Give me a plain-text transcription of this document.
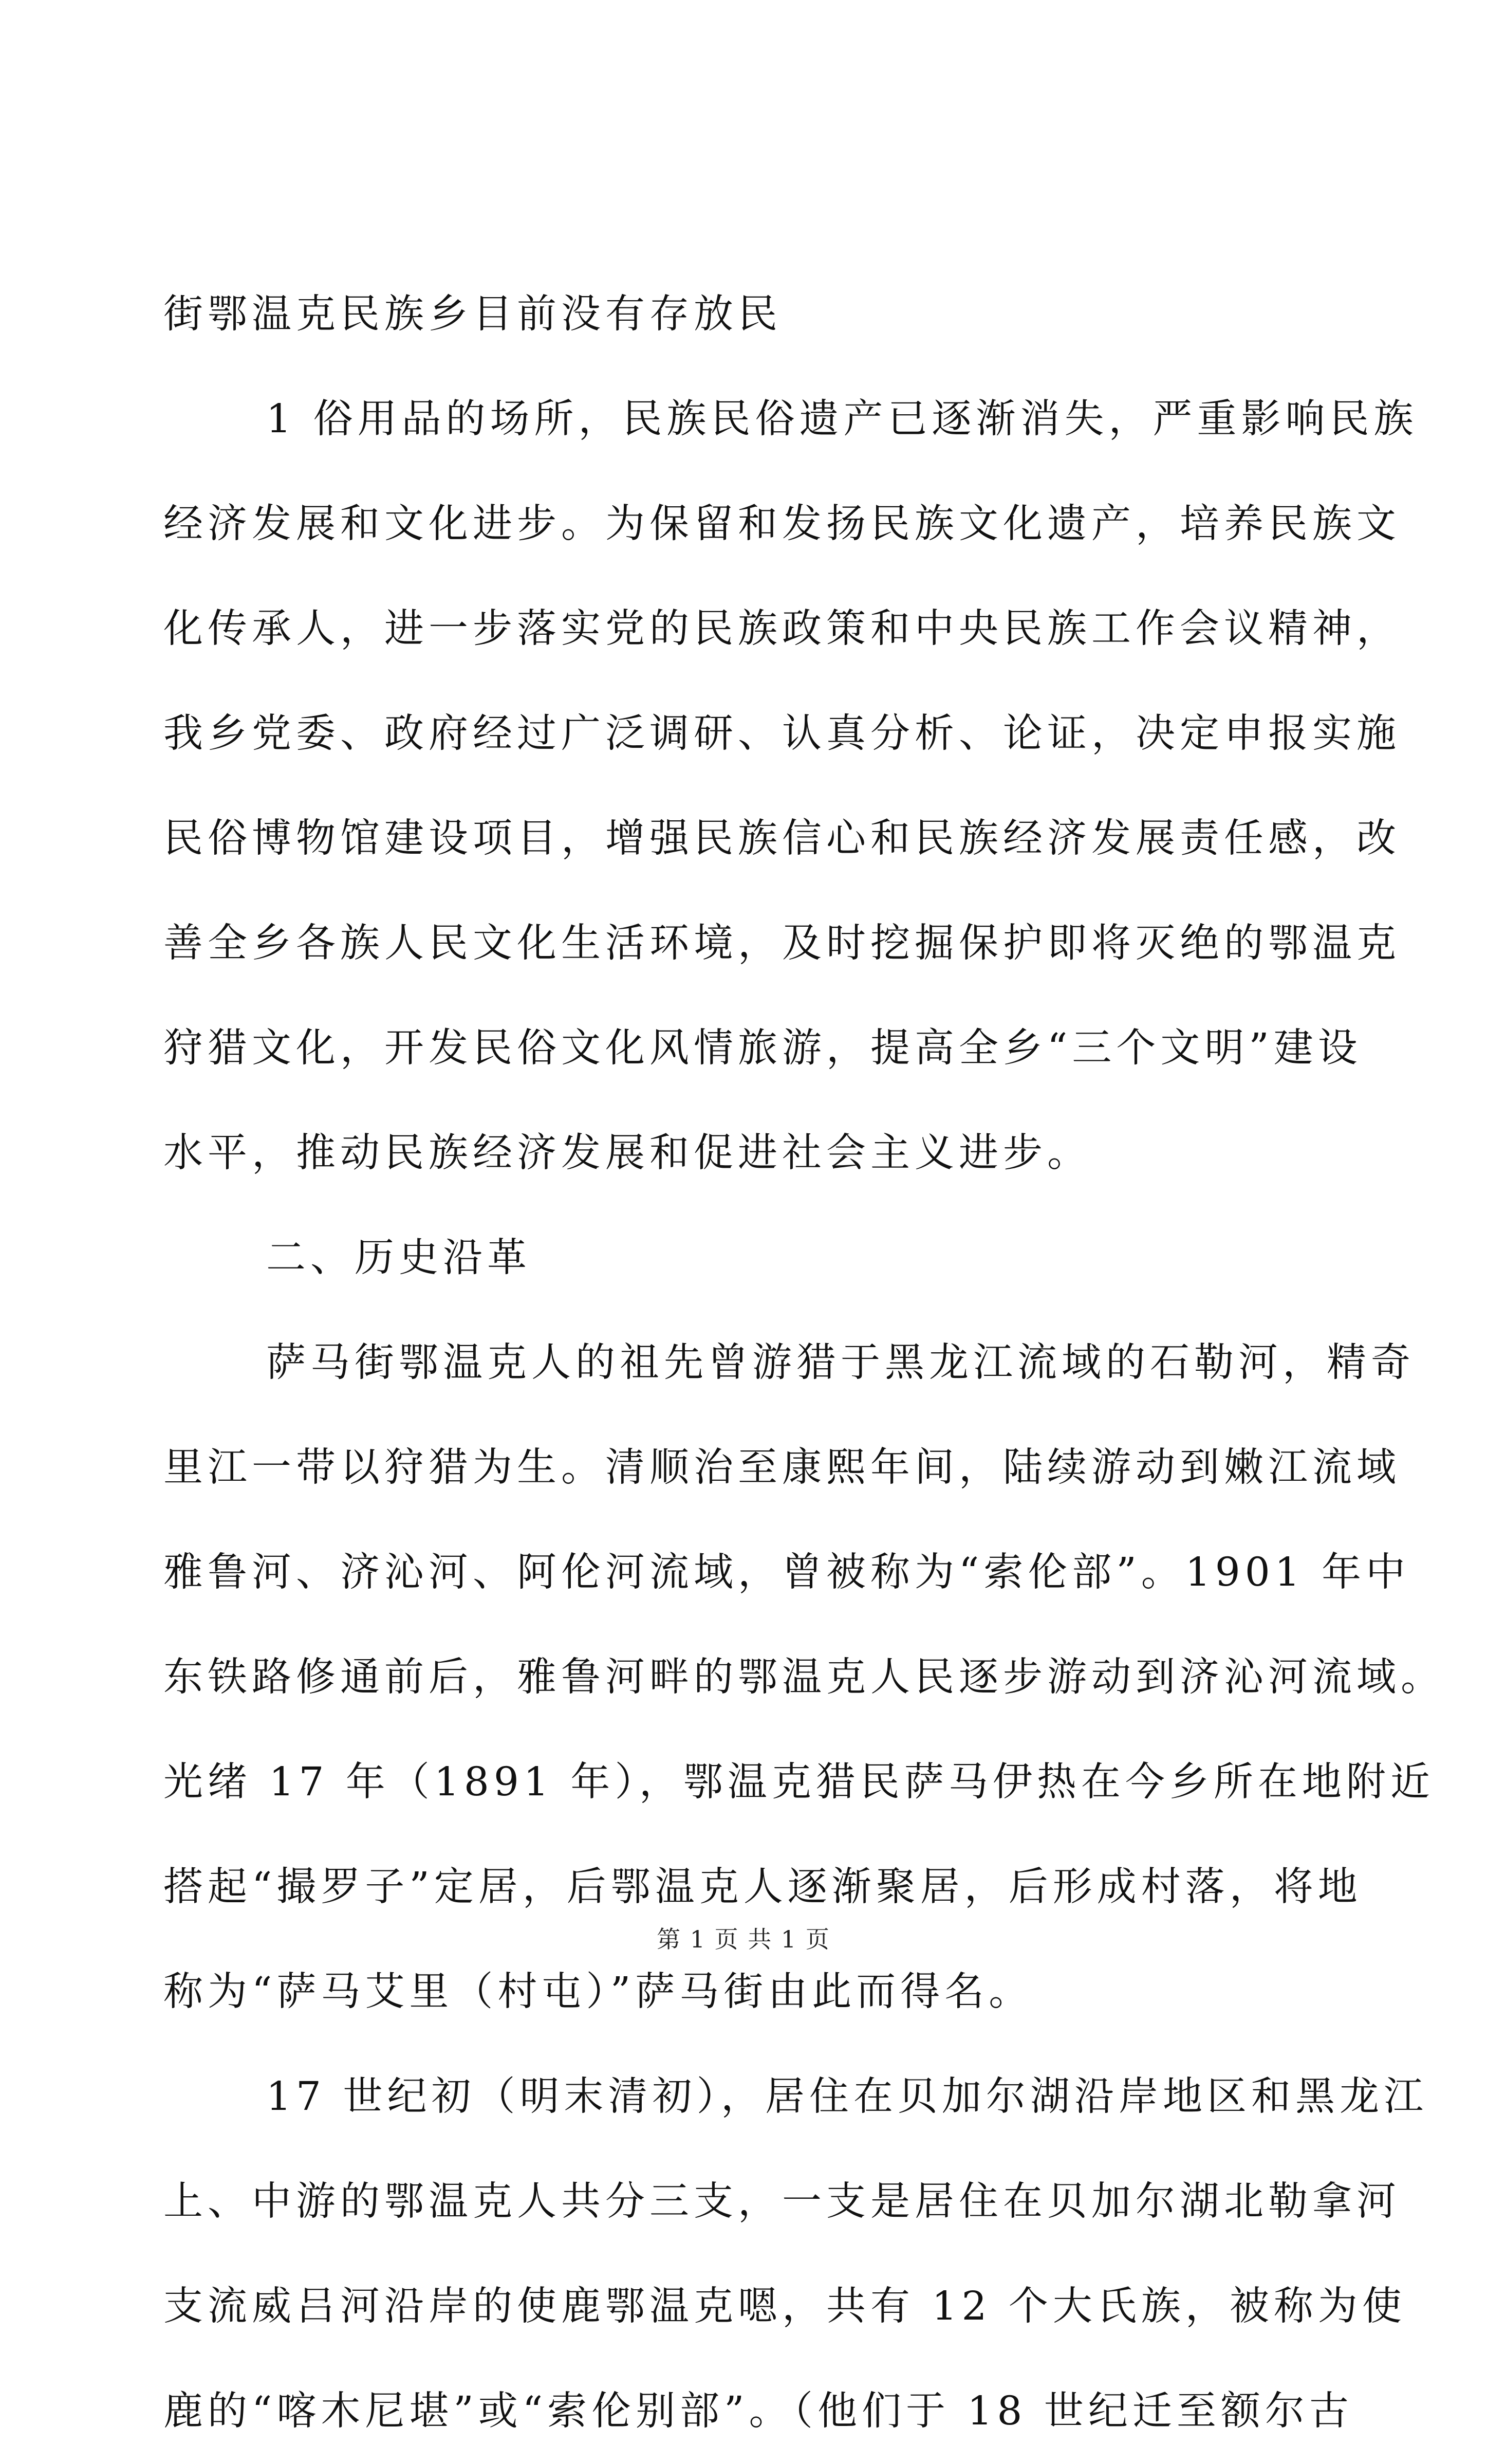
街鄂温克民族乡目前没有存放民
1 俗用品的场所，民族民俗遗产已逐渐消失，严重影响民族
经济发展和文化进步。为保留和发扬民族文化遗产，培养民族文
化传承人，进一步落实党的民族政策和中央民族工作会议精神，
我乡党委、政府经过广泛调研、认真分析、论证，决定申报实施
民俗博物馆建设项目，增强民族信心和民族经济发展责任感，改
善全乡各族人民文化生活环境，及时挖掘保护即将灭绝的鄂温克
狩猎文化，开发民俗文化风情旅游，提高全乡“三个文明”建设
水平，推动民族经济发展和促进社会主义进步。
二、历史沿革
萨马街鄂温克人的祖先曾游猎于黑龙江流域的石勒河，精奇
里江一带以狩猎为生。清顺治至康熙年间，陆续游动到嫩江流域
雅鲁河、济沁河、阿伦河流域，曾被称为“索伦部”。1901 年中
东铁路修通前后，雅鲁河畔的鄂温克人民逐步游动到济沁河流域。
光绪 17 年（1891 年），鄂温克猎民萨马伊热在今乡所在地附近
搭起“撮罗子”定居，后鄂温克人逐渐聚居，后形成村落，将地
称为“萨马艾里（村屯）”萨马街由此而得名。
17 世纪初（明末清初），居住在贝加尔湖沿岸地区和黑龙江
上、中游的鄂温克人共分三支，一支是居住在贝加尔湖北勒拿河
支流威吕河沿岸的使鹿鄂温克嗯，共有 12 个大氏族，被称为使
鹿的“喀木尼堪”或“索伦别部”。（他们于 18 世纪迁至额尔古
第 1 页 共 1 页
